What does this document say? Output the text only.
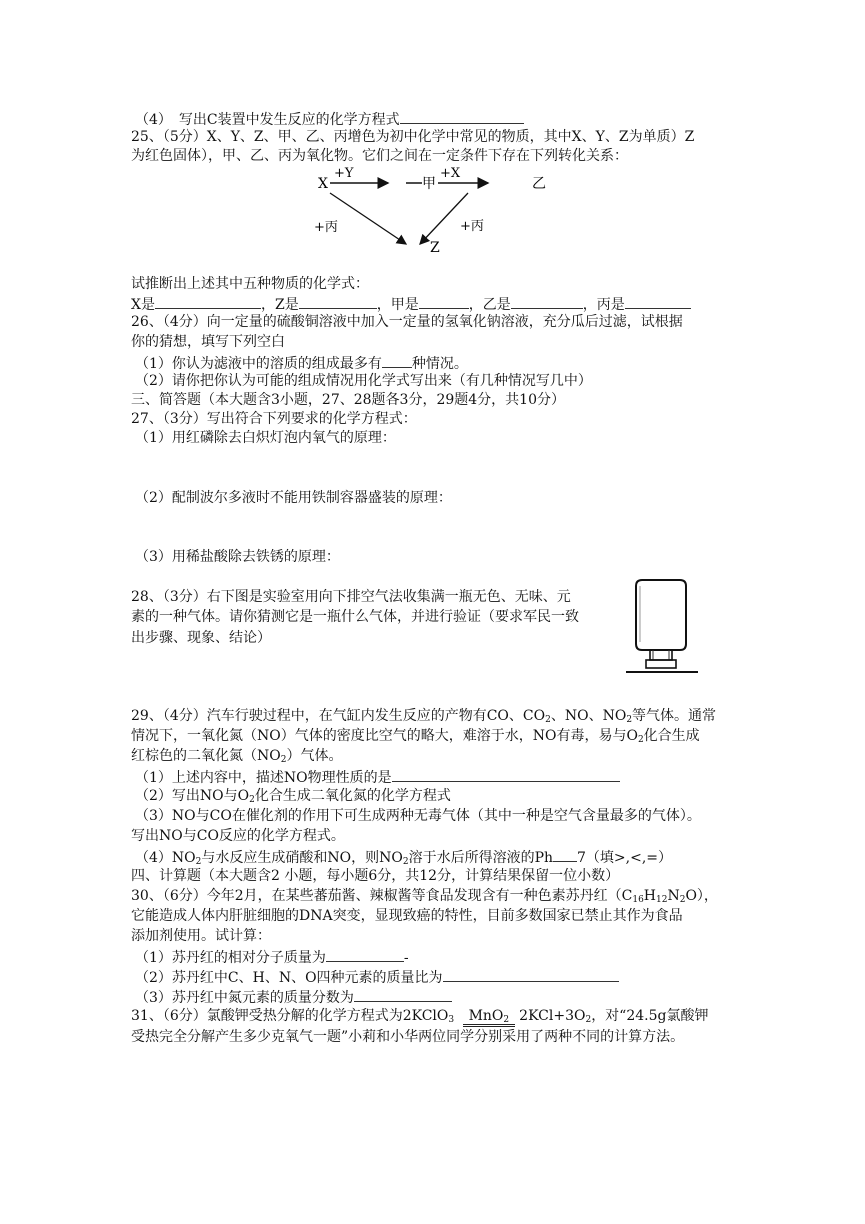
（4）　写出C装置中发生反应的化学方程式
25、（5分）X、Y、Z、甲、乙、丙增色为初中化学中常见的物质，其中X、Y、Z为单质）Z
为红色固体），甲、乙、丙为氧化物。它们之间在一定条件下存在下列转化关系：
X
+Y
甲
+X
乙
+丙	+丙
Z
试推断出上述其中五种物质的化学式：
X是	，Z是	，甲是	，乙是	，丙是
26、（4分）向一定量的硫酸铜溶液中加入一定量的氢氧化钠溶液，充分瓜后过滤，试根据
你的猜想，填写下列空白
（1）你认为滤液中的溶质的组成最多有 种情况。
（2）请你把你认为可能的组成情况用化学式写出来（有几种情况写几中）
三、简答题（本大题含3小题，27、28题各3分，29题4分，共10分）
27、（3分）写出符合下列要求的化学方程式：
（1）用红磷除去白炽灯泡内氧气的原理：
（2）配制波尔多液时不能用铁制容器盛装的原理：
（3）用稀盐酸除去铁锈的原理：
28、（3分）右下图是实验室用向下排空气法收集满一瓶无色、无味、元
素的一种气体。请你猜测它是一瓶什么气体，并进行验证（要求军民一致
出步骤、现象、结论）
29、（4分）汽车行驶过程中，在气缸内发生反应的产物有CO、$CO_2$、NO、$NO_2$等气体。通常
情况下，一氧化氮（NO）气体的密度比空气的略大，难溶于水，NO有毒，易与$O_2$化合生成
红棕色的二氧化氮$(NO_2)$气体。
（1）上述内容中，描述NO物理性质的是
（2）写出NO与$O_2$化合生成二氧化氮的化学方程式
（3）NO与CO在催化剂的作用下可生成两种无毒气体（其中一种是空气含量最多的气体）。
写出NO与CO反应的化学方程式。
$(4)NO_2$与水反应生成硝酸和NO，则$NO_2$溶于水后所得溶液的Ph 7（填>,<,=）
四、计算题（本大题含2 小题，每小题6分，共12分，计算结果保留一位小数）
30、（6分）今年2月，在某些蕃茄酱、辣椒酱等食品发现含有一种色素苏丹红$(C_{16}H_{12}N_2O)$，
它能造成人体内肝脏细胞的DNA突变，显现致癌的特性，目前多数国家已禁止其作为食品
添加剂使用。试计算：
（1）苏丹红的相对分子质量为	-
（2）苏丹红中C、H、N、O四种元素的质量比为
（3）苏丹红中氮元素的质量分数为
31、（6分）氯酸钾受热分解的化学方程式为2KClO$_3$ MnO$_2$ $2KCl+3O_2$，对“24.5g氯酸钾
受热完全分解产生多少克氧气一题”小莉和小华两位同学分别采用了两种不同的计算方法。
